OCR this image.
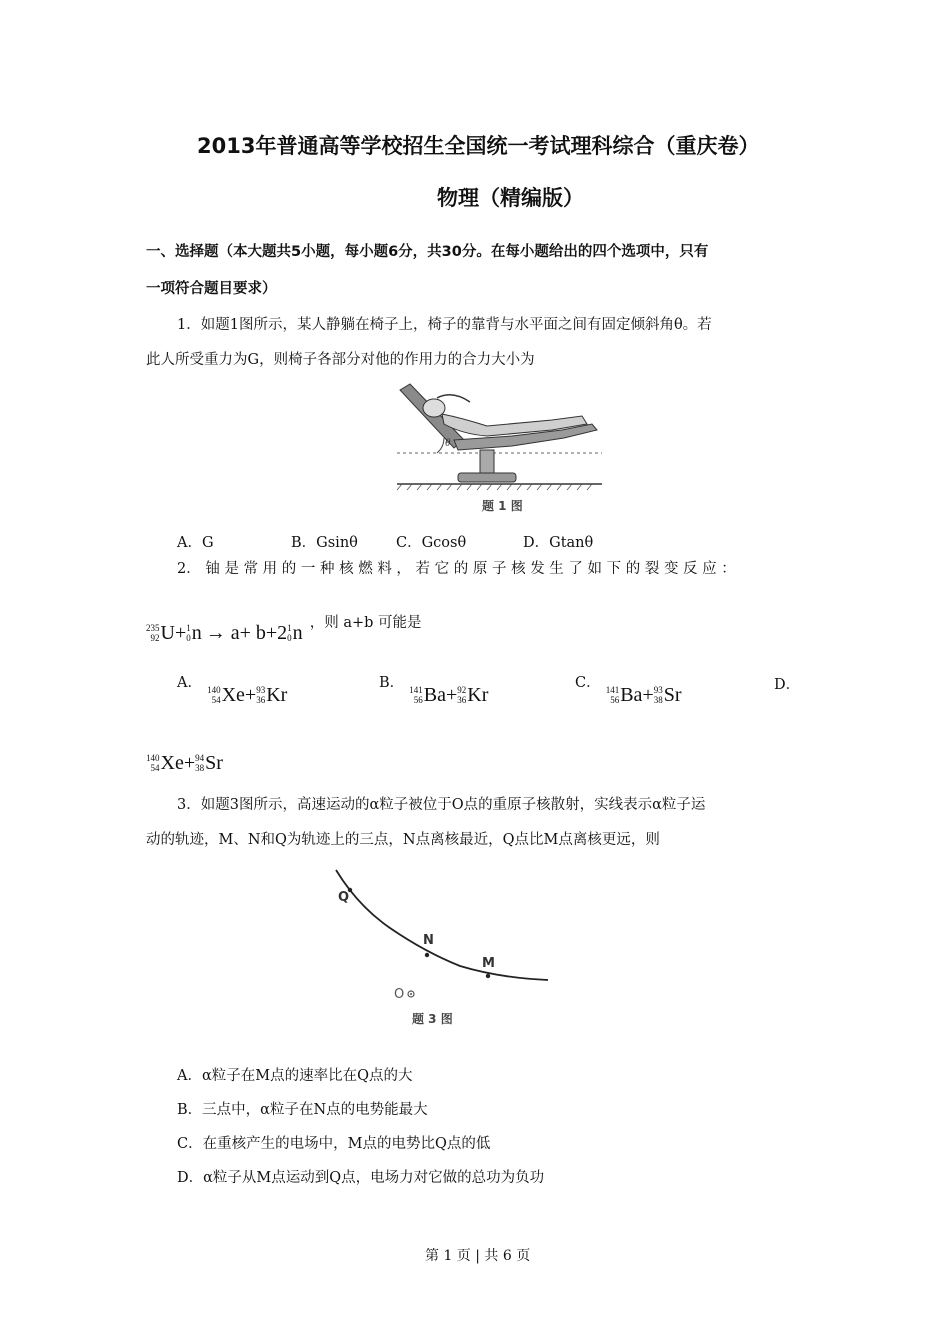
2013年普通高等学校招生全国统一考试理科综合（重庆卷）
物理（精编版）
一、选择题（本大题共5小题，每小题6分，共30分。在每小题给出的四个选项中，只有
一项符合题目要求）
1．如题1图所示，某人静躺在椅子上，椅子的靠背与水平面之间有固定倾斜角θ。若
此人所受重力为G，则椅子各部分对他的作用力的合力大小为
θ
题 1 图
A．G	B．Gsinθ	C．Gcosθ	D．Gtanθ
2． 铀 是 常 用 的 一 种 核 燃 料 ， 若 它 的 原 子 核 发 生 了 如 下 的 裂 变 反 应 ：
235
92 U+ 1
0 n → a+ b+2 1
0 n ，则 a+b 可能是
A． 140
54 Xe+ 93
36 Kr
B． 141
56 Ba+ 92
36 Kr
C． 141
56 Ba+ 93
38 Sr	D．
140
54 Xe+ 94
38 Sr
3．如题3图所示，高速运动的α粒子被位于O点的重原子核散射，实线表示α粒子运
动的轨迹，M、N和Q为轨迹上的三点，N点离核最近，Q点比M点离核更远，则
Q
N
M
O
题 3 图
A．α粒子在M点的速率比在Q点的大
B．三点中，α粒子在N点的电势能最大
C．在重核产生的电场中，M点的电势比Q点的低
D．α粒子从M点运动到Q点，电场力对它做的总功为负功
第 1 页 | 共 6 页
